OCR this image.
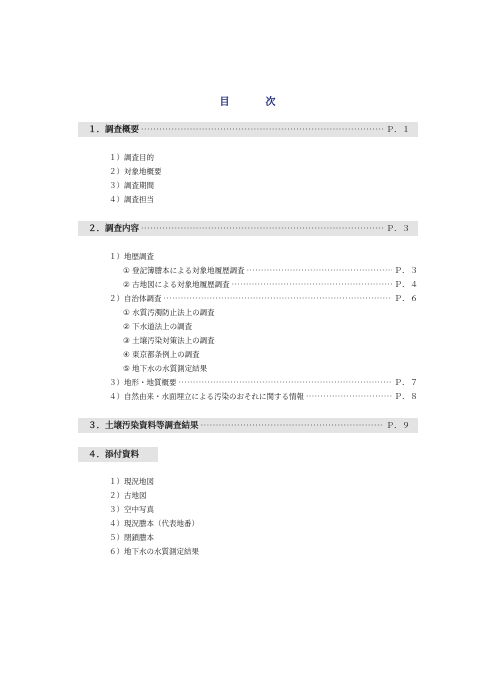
目	次
１．調査概要 ·····	Ｐ．１
１）調査目的
２）対象地概要
３）調査期間
４）調査担当
２．調査内容 ·····	Ｐ．３
１）地歴調査
① 登記簿謄本による対象地履歴調査 ·····	Ｐ．３
② 古地図による対象地履歴調査 ·····	Ｐ．４
２）自治体調査 ·····	Ｐ．６
① 水質汚濁防止法上の調査
② 下水道法上の調査
③ 土壌汚染対策法上の調査
④ 東京都条例上の調査
⑤ 地下水の水質測定結果
３）地形・地質概要 ·····	Ｐ．７
４）自然由来・水面埋立による汚染のおそれに関する情報 ·····	Ｐ．８
３．土壌汚染資料等調査結果 ·····	Ｐ．９
４．添付資料
１）現況地図
２）古地図
３）空中写真
４）現況謄本（代表地番）
５）閉鎖謄本
６）地下水の水質測定結果
